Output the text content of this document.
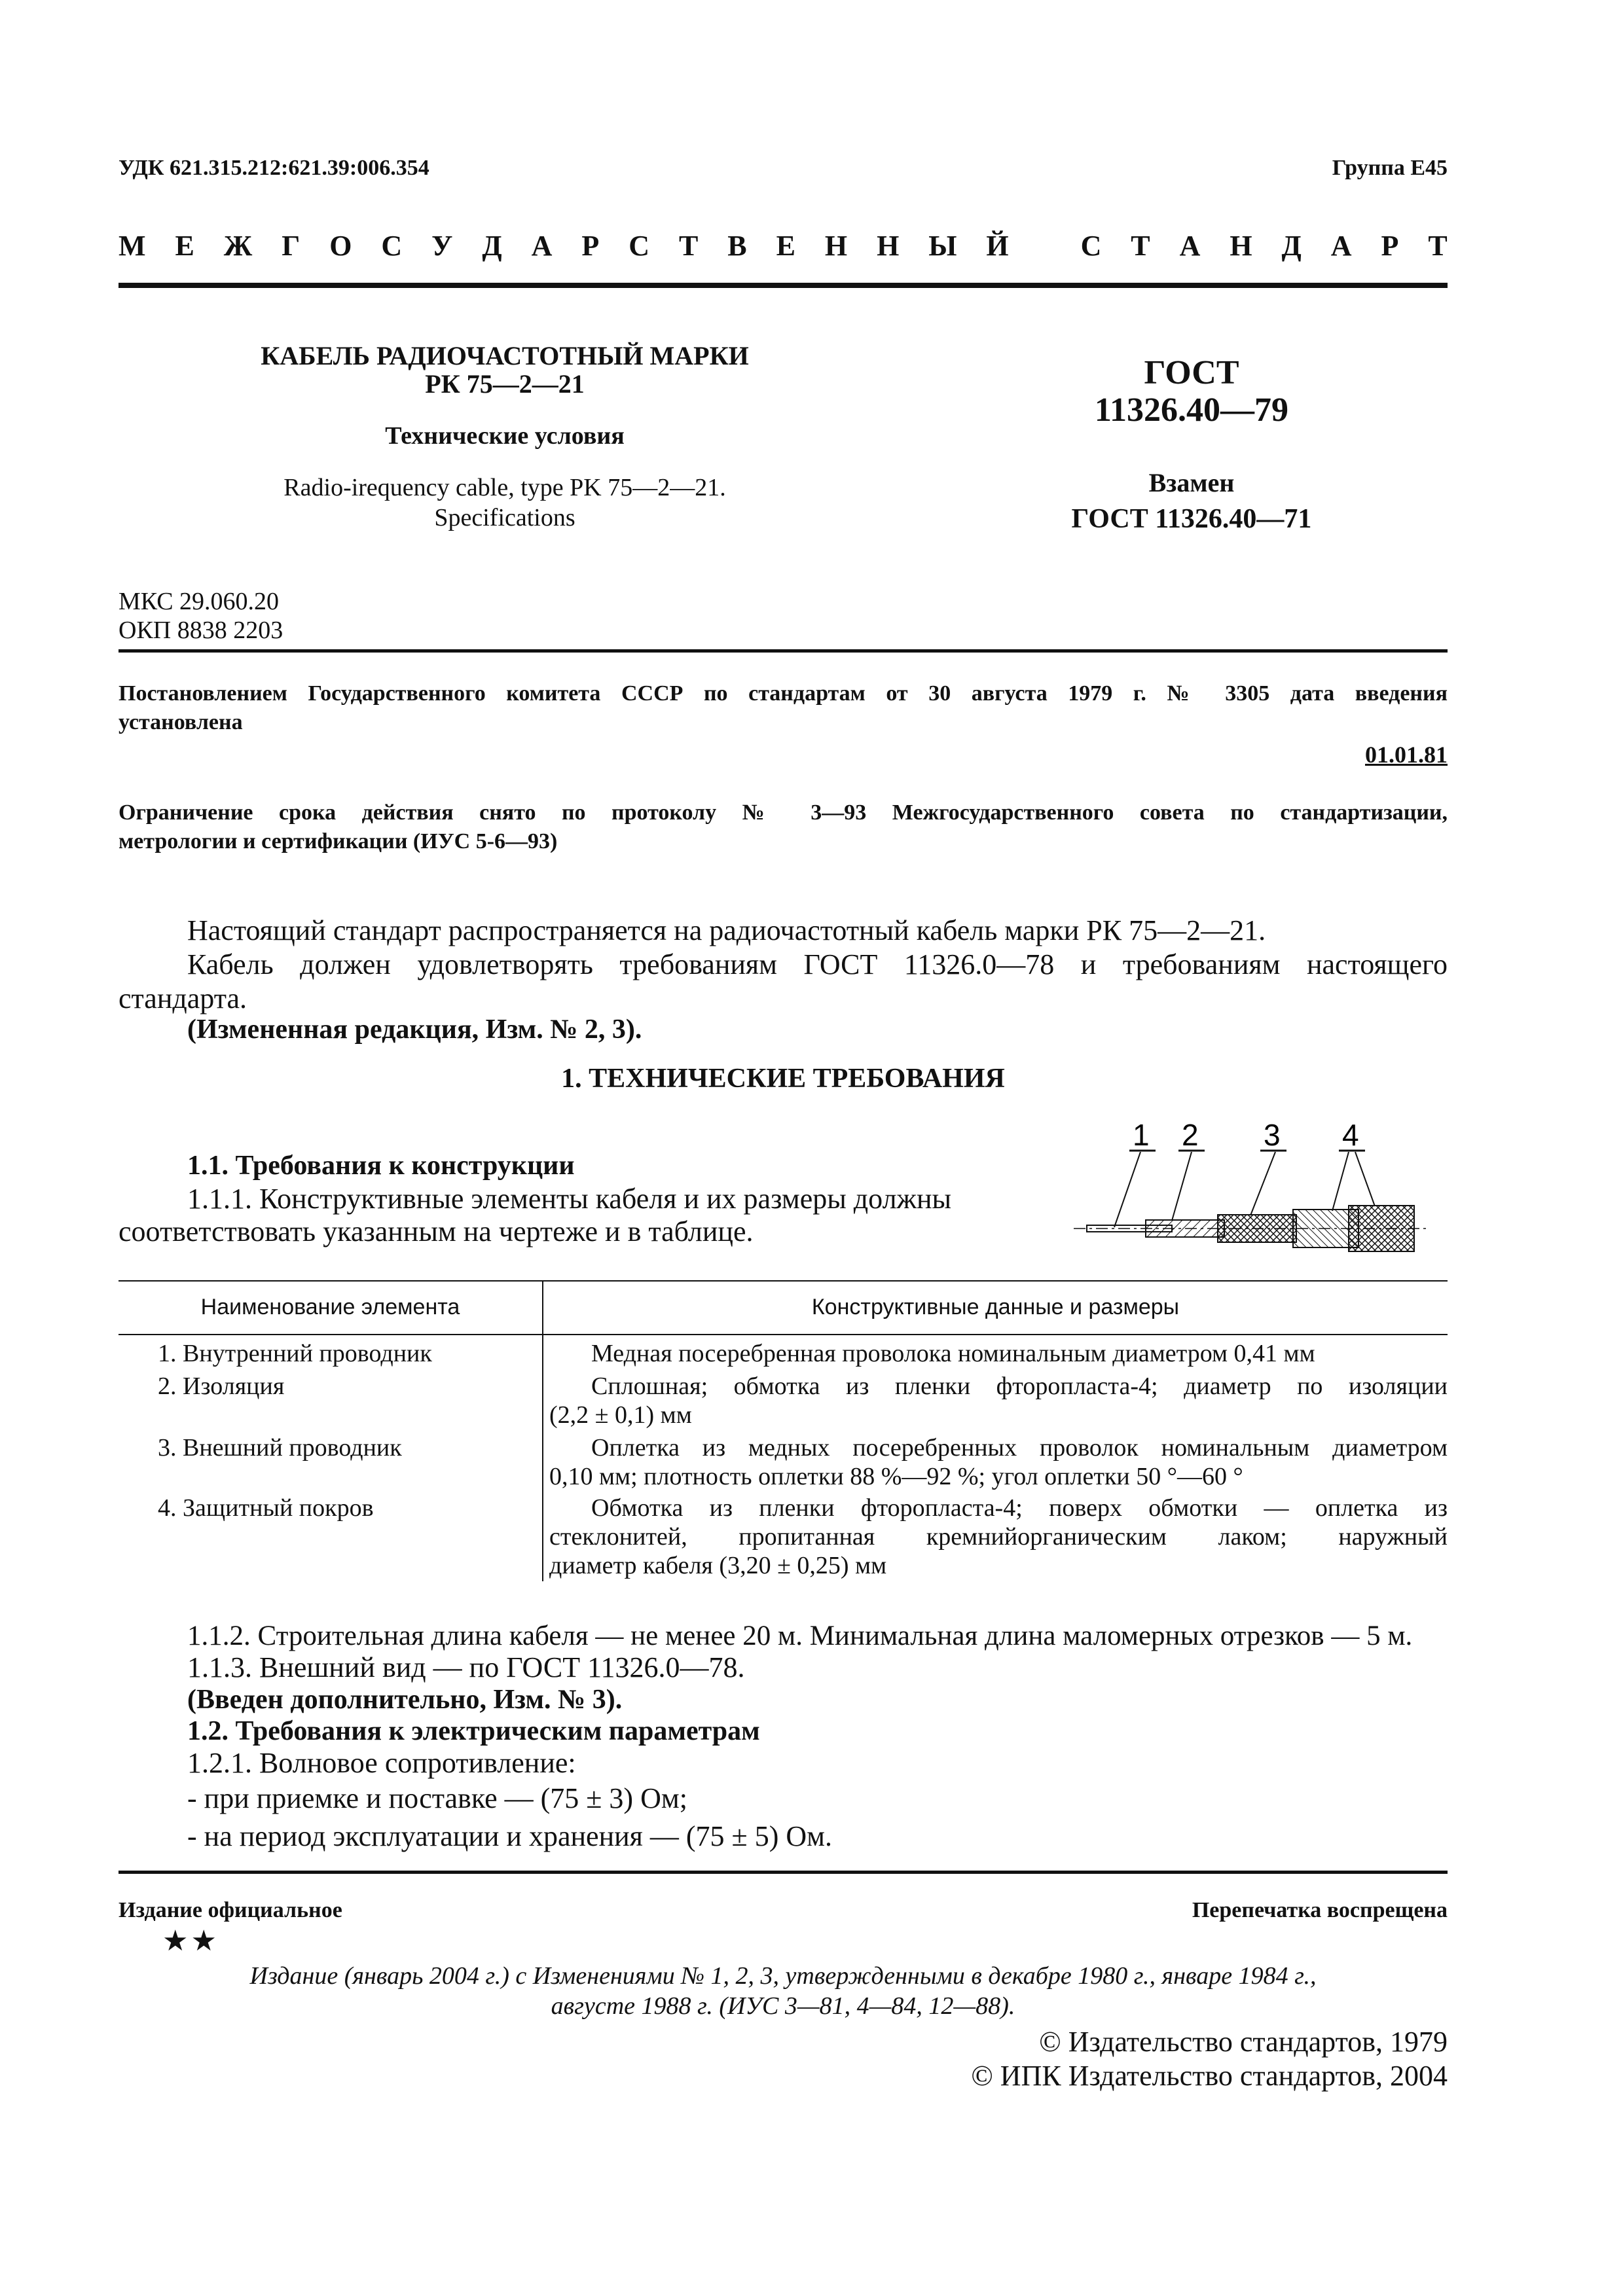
УДК 621.315.212:621.39:006.354	Группа Е45
М Е Ж Г О С У Д А Р С Т В Е Н Н Ы Й С Т А Н Д А Р Т
КАБЕЛЬ РАДИОЧАСТОТНЫЙ МАРКИ
РК 75—2—21
Технические условия
Radio-irequency cable, type PK 75—2—21.
Specifications
ГОСТ
11326.40—79
Взамен
ГОСТ 11326.40—71
МКС 29.060.20
ОКП 8838 2203
Постановлением Государственного комитета СССР по стандартам от 30 августа 1979 г. № 3305 дата введения
установлена
01.01.81
Ограничение срока действия снято по протоколу № 3—93 Межгосударственного совета по стандартизации,
метрологии и сертификации (ИУС 5-6—93)
Настоящий стандарт распространяется на радиочастотный кабель марки РК 75—2—21.
Кабель должен удовлетворять требованиям ГОСТ 11326.0—78 и требованиям настоящего
стандарта.
(Измененная редакция, Изм. № 2, 3).
1. ТЕХНИЧЕСКИЕ ТРЕБОВАНИЯ
1.1. Требования к конструкции
1.1.1. Конструктивные элементы кабеля и их размеры должны
соответствовать указанным на чертеже и в таблице.
1 2 3 4
Наименование элемента	Конструктивные данные и размеры
1. Внутренний проводник	Медная посеребренная проволока номинальным диаметром 0,41 мм
2. Изоляция	Сплошная; обмотка из пленки фторопласта-4; диаметр по изоляции
(2,2 ± 0,1) мм
3. Внешний проводник	Оплетка из медных посеребренных проволок номинальным диаметром
0,10 мм; плотность оплетки 88 %—92 %; угол оплетки 50 °—60 °
4. Защитный покров	Обмотка из пленки фторопласта-4; поверх обмотки — оплетка из
стеклонитей, пропитанная кремнийорганическим лаком; наружный
диаметр кабеля (3,20 ± 0,25) мм
1.1.2. Строительная длина кабеля — не менее 20 м. Минимальная длина маломерных отрезков — 5 м.
1.1.3. Внешний вид — по ГОСТ 11326.0—78.
(Введен дополнительно, Изм. № 3).
1.2. Требования к электрическим параметрам
1.2.1. Волновое сопротивление:
- при приемке и поставке — (75 ± 3) Ом;
- на период эксплуатации и хранения — (75 ± 5) Ом.
Издание официальное	Перепечатка воспрещена
★★
Издание (январь 2004 г.) с Изменениями № 1, 2, 3, утвержденными в декабре 1980 г., январе 1984 г.,
августе 1988 г. (ИУС 3—81, 4—84, 12—88).
© Издательство стандартов, 1979
© ИПК Издательство стандартов, 2004
